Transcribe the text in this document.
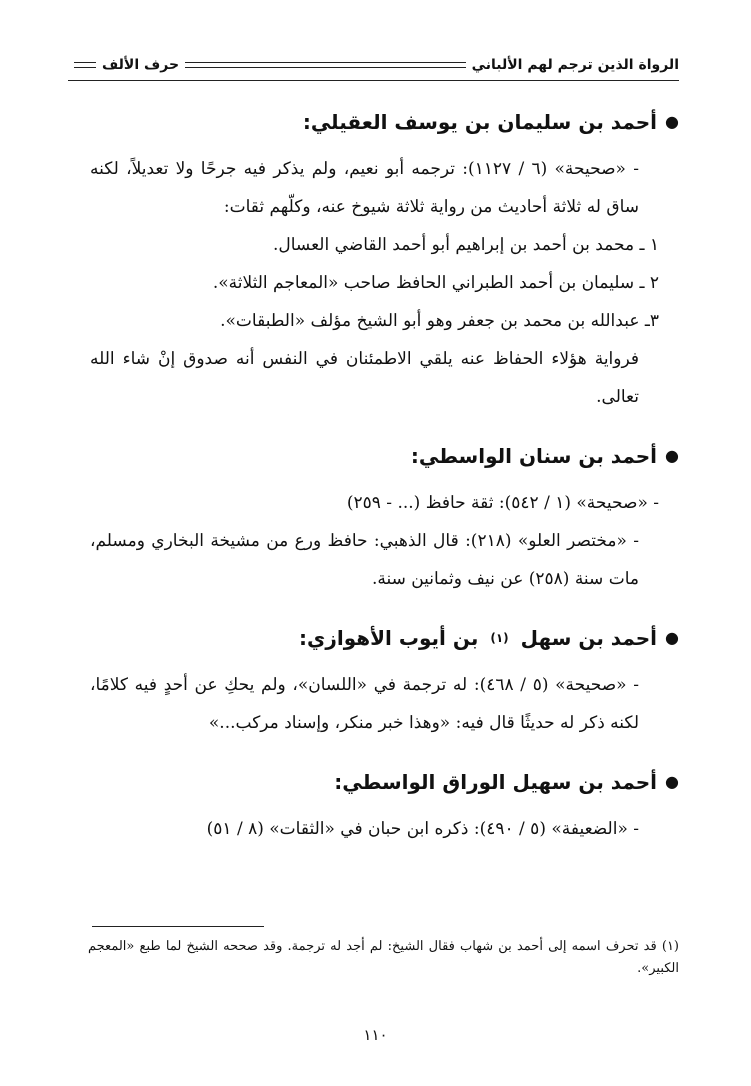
الرواة الذين ترجم لهم الألباني
حرف الألف
●
أحمد بن سليمان بن يوسف العقيلي:

- «صحيحة» (٦ / ١١٢٧): ترجمه أبو نعيم، ولم يذكر فيه جرحًا ولا تعديلاً، لكنه ساق له ثلاثة أحاديث من رواية ثلاثة شيوخ عنه، وكلّهم ثقات:

١ ـ محمد بن أحمد بن إبراهيم أبو أحمد القاضي العسال.

٢ ـ سليمان بن أحمد الطبراني الحافظ صاحب «المعاجم الثلاثة».

٣ـ عبدالله بن محمد بن جعفر وهو أبو الشيخ مؤلف «الطبقات».

فرواية هؤلاء الحفاظ عنه يلقي الاطمئنان في النفس أنه صدوق إنْ شاء الله تعالى.

●
أحمد بن سنان الواسطي:

- «صحيحة» (١ / ٥٤٢): ثقة حافظ (... - ٢٥٩)

- «مختصر العلو» (٢١٨): قال الذهبي: حافظ ورع من مشيخة البخاري ومسلم، مات سنة (٢٥٨) عن نيف وثمانين سنة.

●
أحمد بن سهل
(١)
بن أيوب الأهوازي:

- «صحيحة» (٥ / ٤٦٨): له ترجمة في «اللسان»، ولم يحكِ عن أحدٍ فيه كلامًا، لكنه ذكر له حديثًا قال فيه: «وهذا خبر منكر، وإسناد مركب...»

●
أحمد بن سهيل الوراق الواسطي:

- «الضعيفة» (٥ / ٤٩٠): ذكره ابن حبان في «الثقات» (٨ / ٥١)

(١) قد تحرف اسمه إلى أحمد بن شهاب فقال الشيخ: لم أجد له ترجمة. وقد صححه الشيخ لما طبع «المعجم الكبير».
١١٠
